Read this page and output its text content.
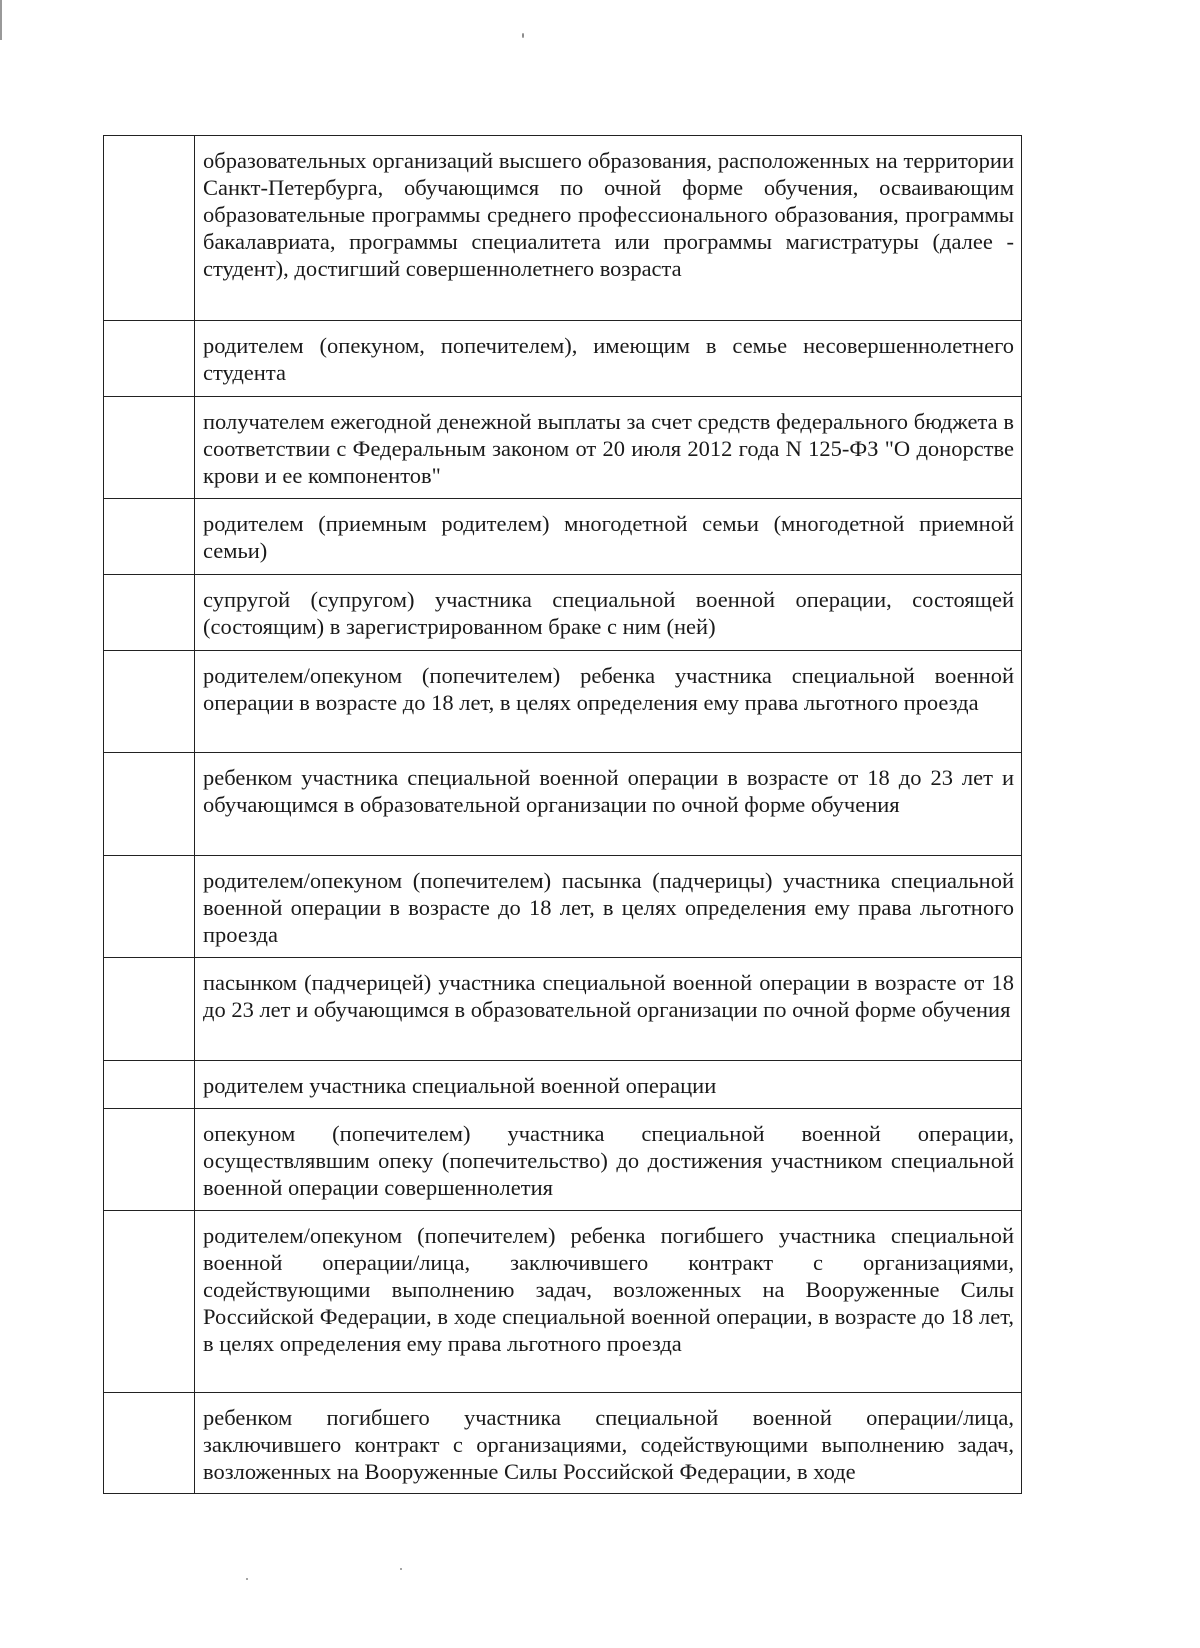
	образовательных организаций высшего образования, расположенных на территории Санкт-Петербурга, обучающимся по очной форме обучения, осваивающим образовательные программы среднего профессионального образования, программы бакалавриата, программы специалитета или программы магистратуры (далее - студент), достигший совершеннолетнего возраста

	родителем (опекуном, попечителем), имеющим в семье несовершеннолетнего студента

	получателем ежегодной денежной выплаты за счет средств федерального бюджета в соответствии с Федеральным законом от 20 июля 2012 года N 125-ФЗ "О донорстве крови и ее компонентов"

	родителем (приемным родителем) многодетной семьи (многодетной приемной семьи)

	супругой (супругом) участника специальной военной операции, состоящей (состоящим) в зарегистрированном браке с ним (ней)

	родителем/опекуном (попечителем) ребенка участника специальной военной операции в возрасте до 18 лет, в целях определения ему права льготного проезда

	ребенком участника специальной военной операции в возрасте от 18 до 23 лет и обучающимся в образовательной организации по очной форме обучения

	родителем/опекуном (попечителем) пасынка (падчерицы) участника специальной военной операции в возрасте до 18 лет, в целях определения ему права льготного проезда

	пасынком (падчерицей) участника специальной военной операции в возрасте от 18 до 23 лет и обучающимся в образовательной организации по очной форме обучения

	родителем участника специальной военной операции

	опекуном (попечителем) участника специальной военной операции, осуществлявшим опеку (попечительство) до достижения участником специальной военной операции совершеннолетия

	родителем/опекуном (попечителем) ребенка погибшего участника специальной военной операции/лица, заключившего контракт с организациями, содействующими выполнению задач, возложенных на Вооруженные Силы Российской Федерации, в ходе специальной военной операции, в возрасте до 18 лет, в целях определения ему права льготного проезда

	ребенком погибшего участника специальной военной операции/лица, заключившего контракт с организациями, содействующими выполнению задач, возложенных на Вооруженные Силы Российской Федерации, в ходе
